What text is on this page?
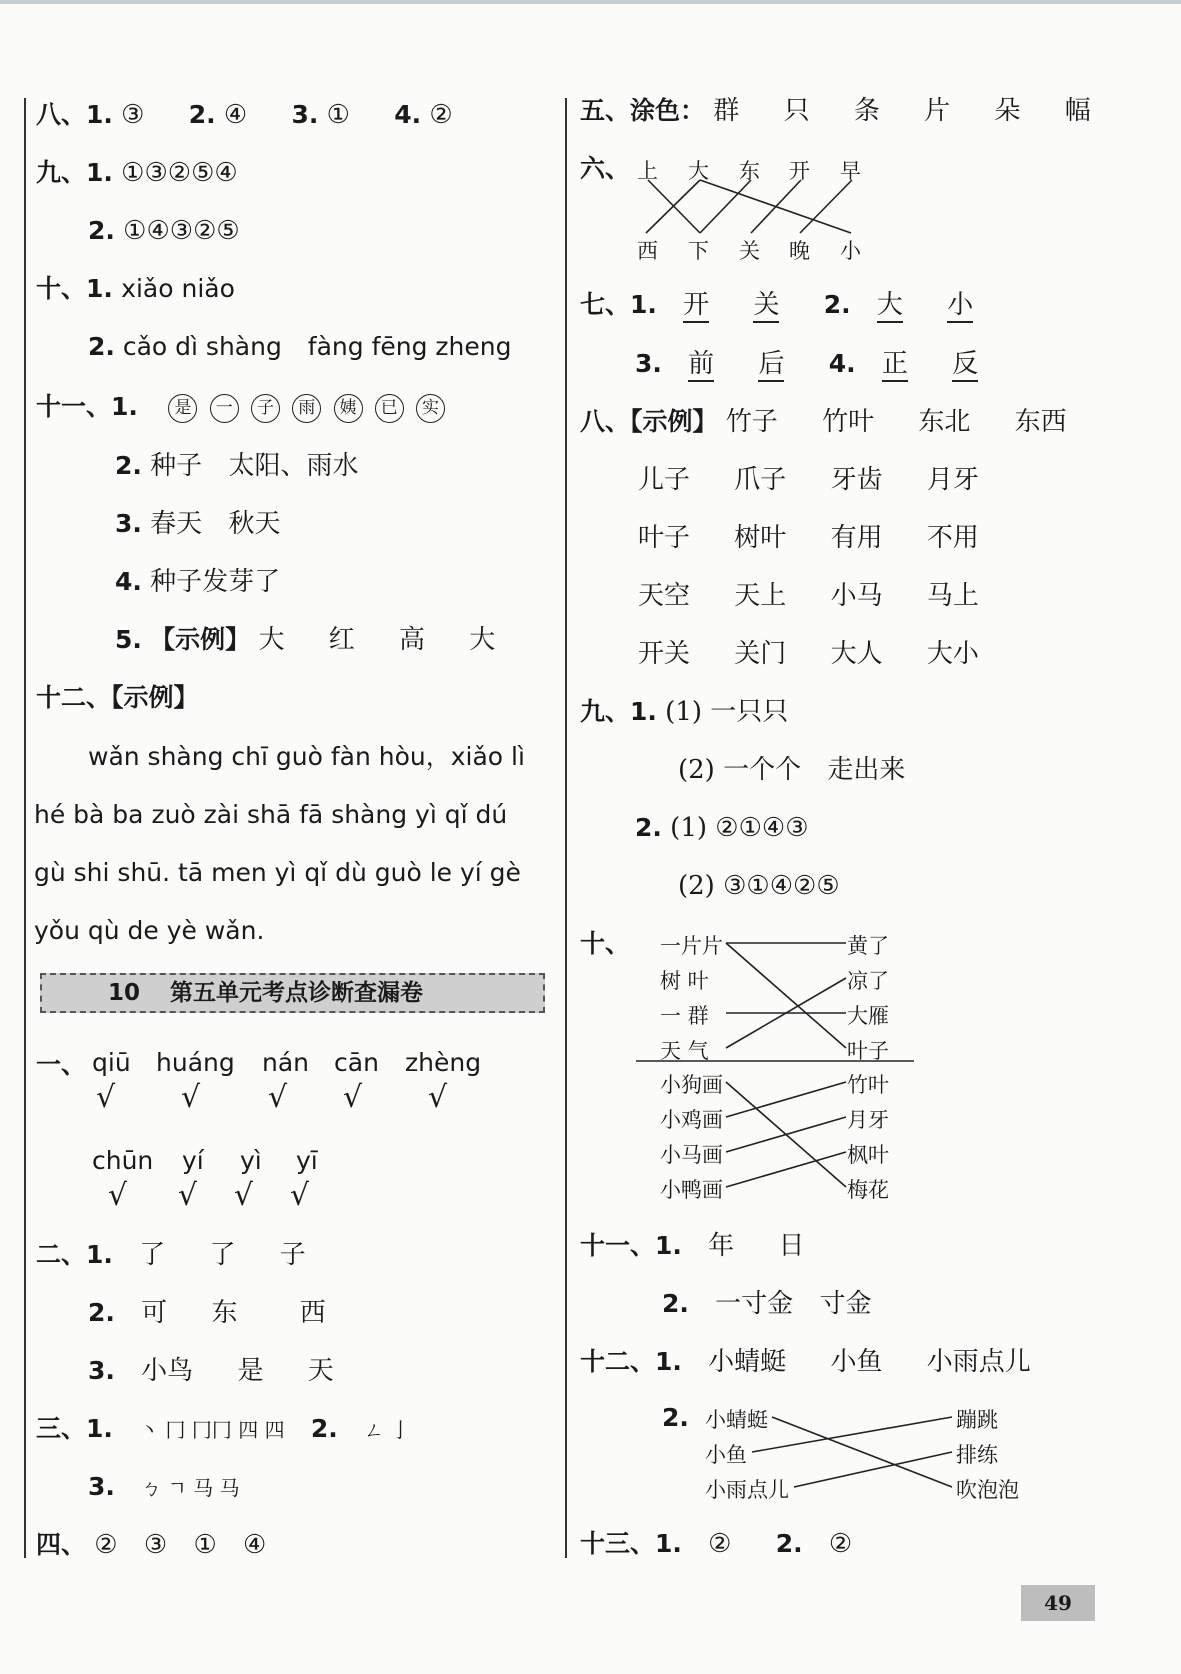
八、1. ③ 2. ④ 3. ① 4. ②
九、1. ①③②⑤④
2. ①④③②⑤
十、1. xiǎo niǎo
2. cǎo dì shàng fàng fēng zheng
十一、1. 是 一 子 雨 姨 已 实
2. 种子 太阳、雨水
3. 春天 秋天
4. 种子发芽了
5. 【示例】 大 红 高 大
十二、【示例】
wǎn shàng chī guò fàn hòu，xiǎo lì
hé bà ba zuò zài shā fā shàng yì qǐ dú
gù shi shū. tā men yì qǐ dù guò le yí gè
yǒu qù de yè wǎn.
10 第五单元考点诊断查漏卷
一、 qiū huáng nán cān zhèng
√ √ √ √ √
chūn yí yì yī
√ √ √ √
二、1. 了 了 子
2. 可 东 西
3. 小鸟 是 天
三、1. 丶 ⼌ ⼌⼌ 四 四 2. ㄥ 亅
3. ㄅ ㄱ 马 马
四、 ② ③ ① ④
五、涂色： 群 只 条 片 朵 幅
六、 上 大 东 开 早
西 下 关 晚 小
七、1. 开 关 2. 大 小
3. 前 后 4. 正 反
八、【示例】 竹子 竹叶 东北 东西
儿子 爪子 牙齿 月牙
叶子 树叶 有用 不用
天空 天上 小马 马上
开关 关门 大人 大小
九、1. (1) 一只只
(2) 一个个 走出来
2. (1) ②①④③
(2) ③①④②⑤
十、 一片片
树 叶
一 群
天 气
黄了
凉了
大雁
叶子
小狗画
小鸡画
小马画
小鸭画
竹叶
月牙
枫叶
梅花
十一、1. 年 日
2. 一寸金 寸金
十二、1. 小蜻蜓 小鱼 小雨点儿
2. 小蜻蜓
小鱼
小雨点儿
蹦跳
排练
吹泡泡
十三、1. ② 2. ②
49
